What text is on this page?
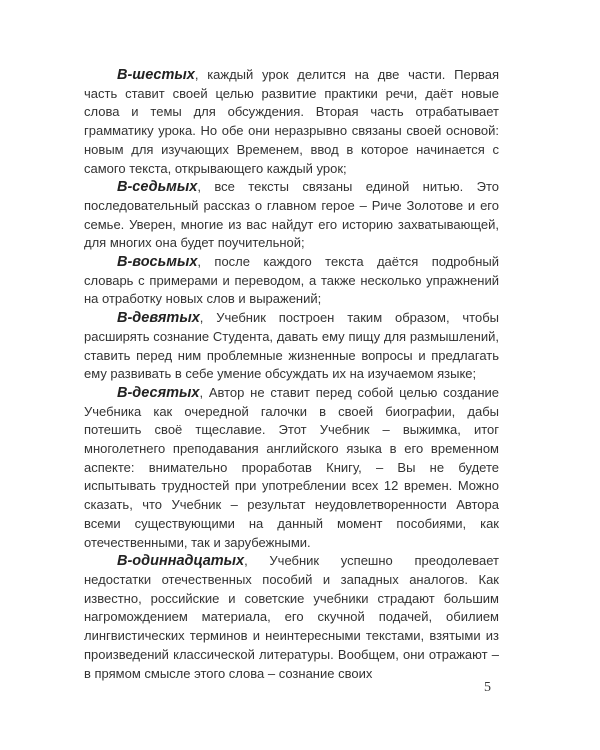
В-шестых, каждый урок делится на две части. Первая часть ставит своей целью развитие практики речи, даёт новые слова и темы для обсуждения. Вторая часть отрабатывает грамматику урока. Но обе они неразрывно связаны своей основой: новым для изучающих Временем, ввод в которое начинается с самого текста, открывающего каждый урок;

В-седьмых, все тексты связаны единой нитью. Это последовательный рассказ о главном герое – Риче Золотове и его семье. Уверен, многие из вас найдут его историю захватывающей, для многих она будет поучительной;

В-восьмых, после каждого текста даётся подробный словарь с примерами и переводом, а также несколько упражнений на отработку новых слов и выражений;

В-девятых, Учебник построен таким образом, чтобы расширять сознание Студента, давать ему пищу для размышлений, ставить перед ним проблемные жизненные вопросы и предлагать ему развивать в себе умение обсуждать их на изучаемом языке;

В-десятых, Автор не ставит перед собой целью создание Учебника как очередной галочки в своей биографии, дабы потешить своё тщеславие. Этот Учебник – выжимка, итог многолетнего преподавания английского языка в его временном аспекте: внимательно проработав Книгу, – Вы не будете испытывать трудностей при употреблении всех 12 времен. Можно сказать, что Учебник – результат неудовлетворенности Автора всеми существующими на данный момент пособиями, как отечественными, так и зарубежными.

В-одиннадцатых, Учебник успешно преодолевает недостатки отечественных пособий и западных аналогов. Как известно, российские и советские учебники страдают большим нагромождением материала, его скучной подачей, обилием лингвистических терминов и неинтересными текстами, взятыми из произведений классической литературы. Вообщем, они отражают – в прямом смысле этого слова – сознание своих

5
